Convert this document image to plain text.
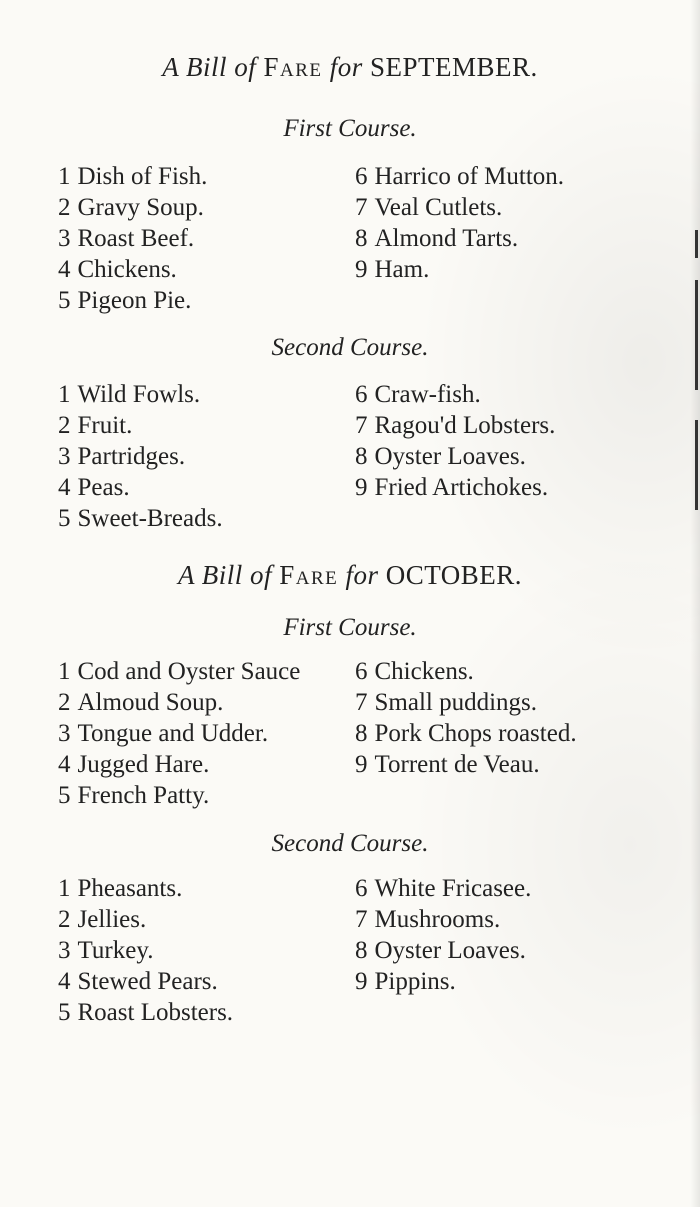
A Bill of Fare for SEPTEMBER.
First Course.
1 Dish of Fish.
2 Gravy Soup.
3 Roast Beef.
4 Chickens.
5 Pigeon Pie.
6 Harrico of Mutton.
7 Veal Cutlets.
8 Almond Tarts.
9 Ham.
Second Course.
1 Wild Fowls.
2 Fruit.
3 Partridges.
4 Peas.
5 Sweet-Breads.
6 Craw-fish.
7 Ragou'd Lobsters.
8 Oyster Loaves.
9 Fried Artichokes.
A Bill of Fare for OCTOBER.
First Course.
1 Cod and Oyster Sauce
2 Almoud Soup.
3 Tongue and Udder.
4 Jugged Hare.
5 French Patty.
6 Chickens.
7 Small puddings.
8 Pork Chops roasted.
9 Torrent de Veau.
Second Course.
1 Pheasants.
2 Jellies.
3 Turkey.
4 Stewed Pears.
5 Roast Lobsters.
6 White Fricasee.
7 Mushrooms.
8 Oyster Loaves.
9 Pippins.
